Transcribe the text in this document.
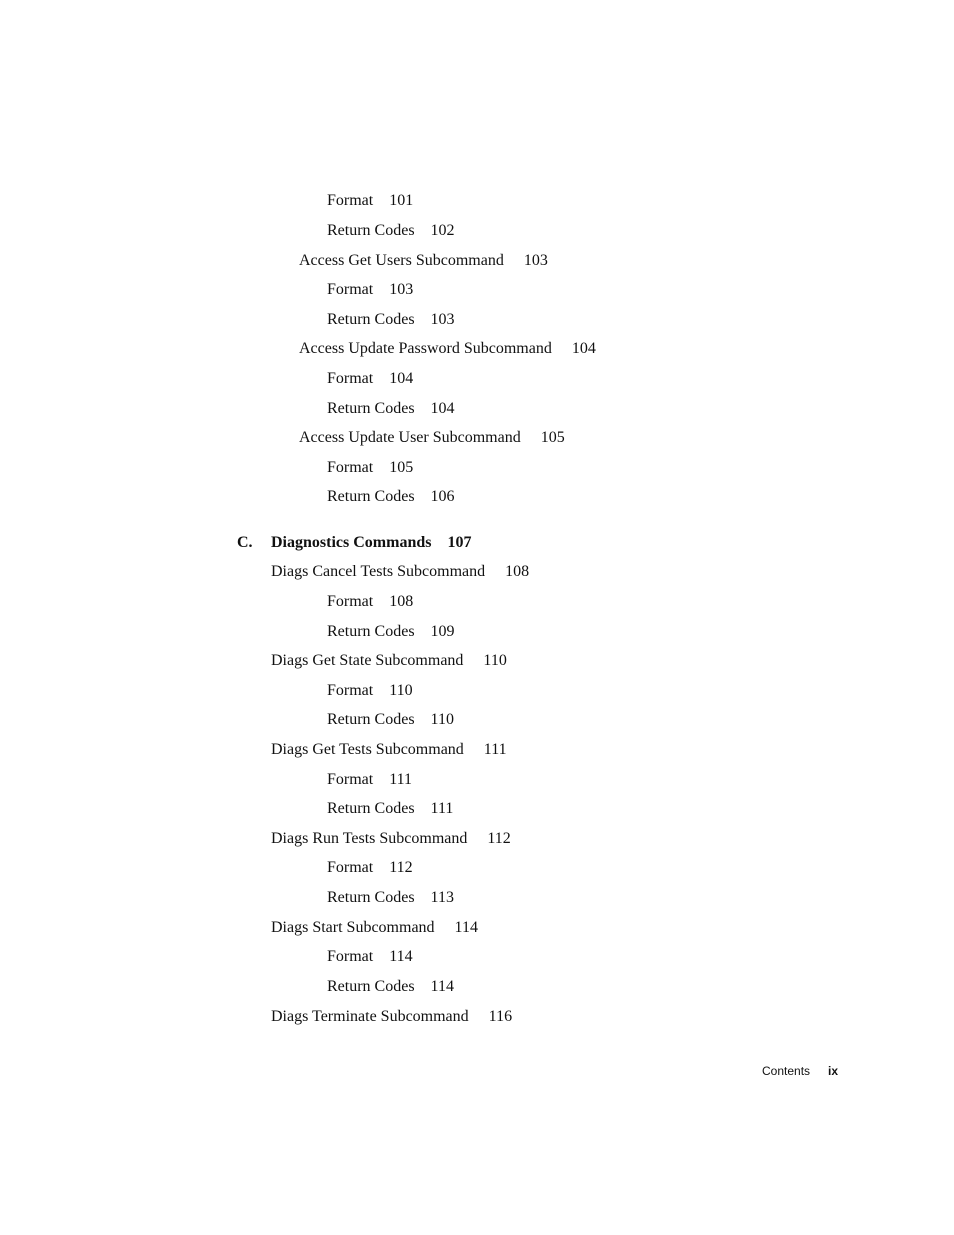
Format 101
Return Codes 102
Access Get Users Subcommand 103
Format 103
Return Codes 103
Access Update Password Subcommand 104
Format 104
Return Codes 104
Access Update User Subcommand 105
Format 105
Return Codes 106
C. Diagnostics Commands 107
Diags Cancel Tests Subcommand 108
Format 108
Return Codes 109
Diags Get State Subcommand 110
Format 110
Return Codes 110
Diags Get Tests Subcommand 111
Format 111
Return Codes 111
Diags Run Tests Subcommand 112
Format 112
Return Codes 113
Diags Start Subcommand 114
Format 114
Return Codes 114
Diags Terminate Subcommand 116
Contents ix
